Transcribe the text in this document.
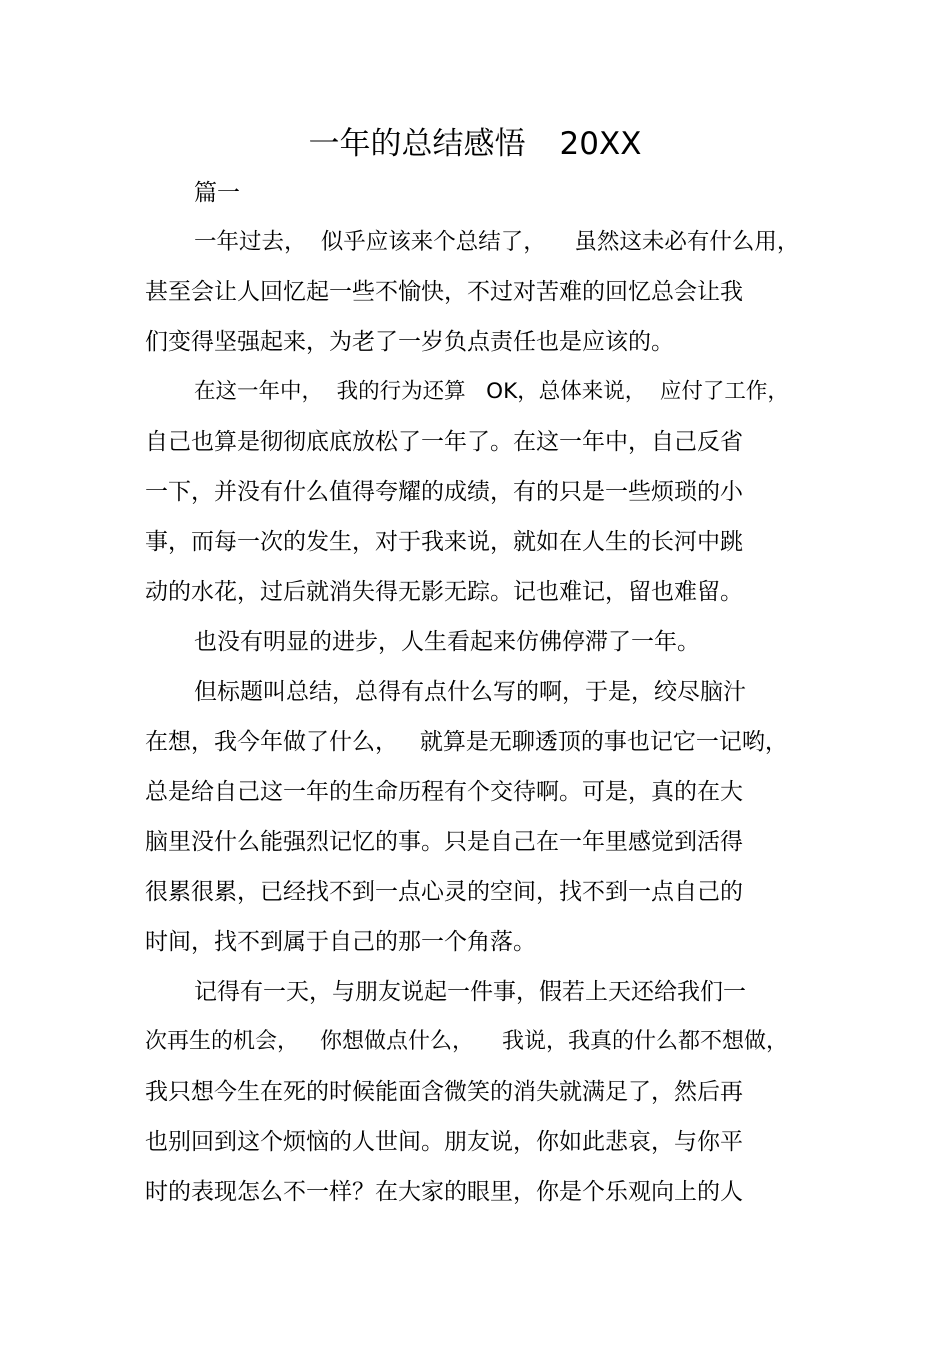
一年的总结感悟 20XX
篇一
一年过去，  似乎应该来个总结了，    虽然这未必有什么用，
甚至会让人回忆起一些不愉快，不过对苦难的回忆总会让我
们变得坚强起来，为老了一岁负点责任也是应该的。
在这一年中，  我的行为还算   OK，总体来说，  应付了工作，
自己也算是彻彻底底放松了一年了。在这一年中，自己反省
一下，并没有什么值得夸耀的成绩，有的只是一些烦琐的小
事，而每一次的发生，对于我来说，就如在人生的长河中跳
动的水花，过后就消失得无影无踪。记也难记，留也难留。
也没有明显的进步，人生看起来仿佛停滞了一年。
但标题叫总结，总得有点什么写的啊，于是，绞尽脑汁
在想，我今年做了什么，   就算是无聊透顶的事也记它一记哟，
总是给自己这一年的生命历程有个交待啊。可是，真的在大
脑里没什么能强烈记忆的事。只是自己在一年里感觉到活得
很累很累，已经找不到一点心灵的空间，找不到一点自己的
时间，找不到属于自己的那一个角落。
记得有一天，与朋友说起一件事，假若上天还给我们一
次再生的机会，   你想做点什么，    我说，我真的什么都不想做，
我只想今生在死的时候能面含微笑的消失就满足了，然后再
也别回到这个烦恼的人世间。朋友说，你如此悲哀，与你平
时的表现怎么不一样？在大家的眼里，你是个乐观向上的人
